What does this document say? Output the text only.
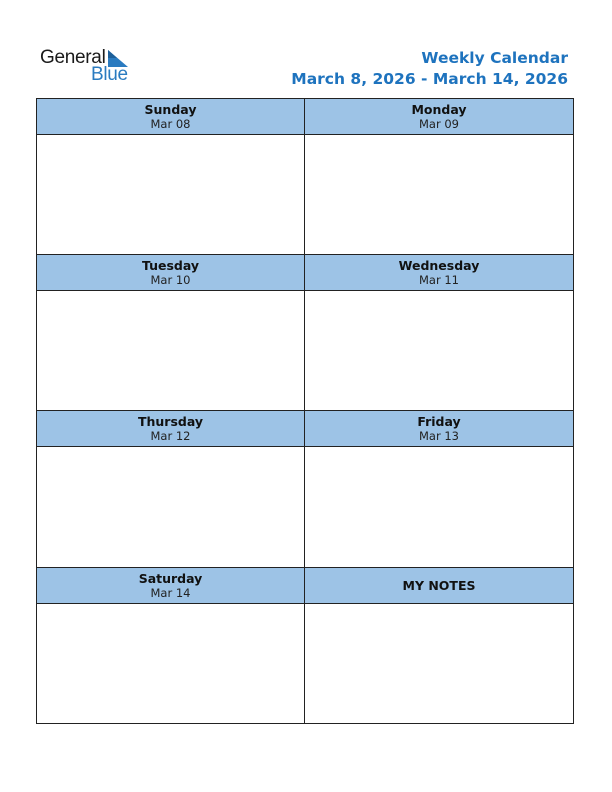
General
Blue
Weekly Calendar
March 8, 2026 - March 14, 2026
Sunday
Mar 08
Monday
Mar 09
Tuesday
Mar 10
Wednesday
Mar 11
Thursday
Mar 12
Friday
Mar 13
Saturday
Mar 14	MY NOTES
